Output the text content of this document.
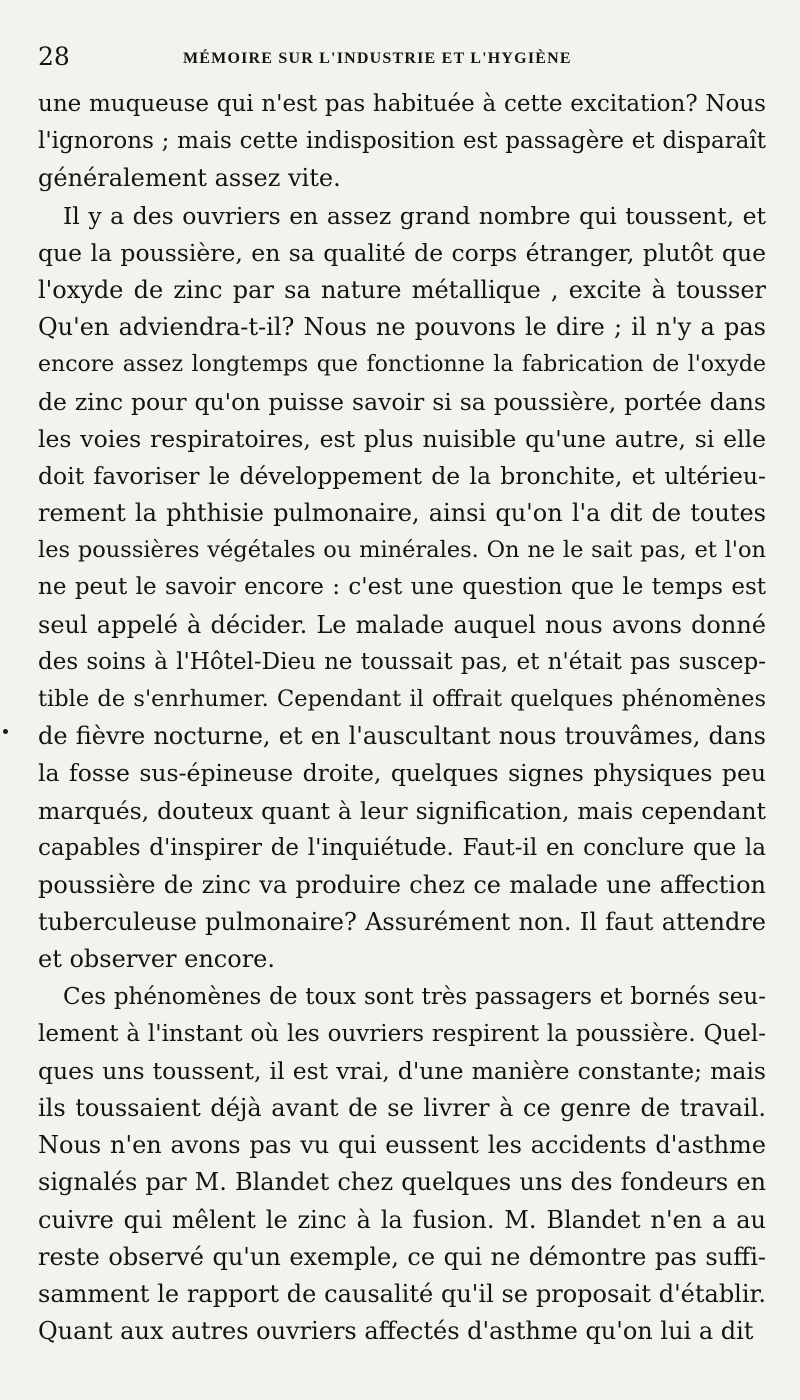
28	MÉMOIRE SUR L'INDUSTRIE ET L'HYGIÈNE
une muqueuse qui n'est pas habituée à cette excitation? Nous
l'ignorons ; mais cette indisposition est passagère et disparaît
généralement assez vite.
Il y a des ouvriers en assez grand nombre qui toussent, et
que la poussière, en sa qualité de corps étranger, plutôt que
l'oxyde de zinc par sa nature métallique , excite à tousser
Qu'en adviendra-t-il? Nous ne pouvons le dire ; il n'y a pas
encore assez longtemps que fonctionne la fabrication de l'oxyde
de zinc pour qu'on puisse savoir si sa poussière, portée dans
les voies respiratoires, est plus nuisible qu'une autre, si elle
doit favoriser le développement de la bronchite, et ultérieu-
rement la phthisie pulmonaire, ainsi qu'on l'a dit de toutes
les poussières végétales ou minérales. On ne le sait pas, et l'on
ne peut le savoir encore : c'est une question que le temps est
seul appelé à décider. Le malade auquel nous avons donné
des soins à l'Hôtel-Dieu ne toussait pas, et n'était pas suscep-
tible de s'enrhumer. Cependant il offrait quelques phénomènes
de fièvre nocturne, et en l'auscultant nous trouvâmes, dans
la fosse sus-épineuse droite, quelques signes physiques peu
marqués, douteux quant à leur signification, mais cependant
capables d'inspirer de l'inquiétude. Faut-il en conclure que la
poussière de zinc va produire chez ce malade une affection
tuberculeuse pulmonaire? Assurément non. Il faut attendre
et observer encore.
Ces phénomènes de toux sont très passagers et bornés seu-
lement à l'instant où les ouvriers respirent la poussière. Quel-
ques uns toussent, il est vrai, d'une manière constante; mais
ils toussaient déjà avant de se livrer à ce genre de travail.
Nous n'en avons pas vu qui eussent les accidents d'asthme
signalés par M. Blandet chez quelques uns des fondeurs en
cuivre qui mêlent le zinc à la fusion. M. Blandet n'en a au
reste observé qu'un exemple, ce qui ne démontre pas suffi-
samment le rapport de causalité qu'il se proposait d'établir.
Quant aux autres ouvriers affectés d'asthme qu'on lui a dit
